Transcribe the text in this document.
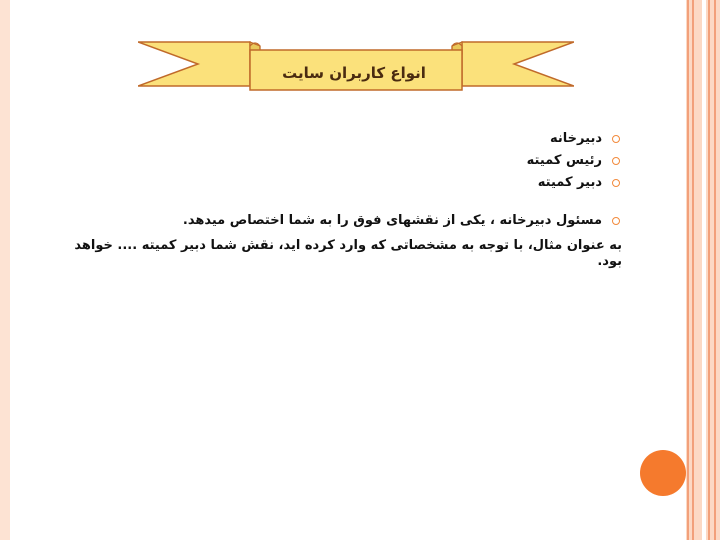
انواع کاربران سایت
دبیرخانه
رئیس کمیته
دبیر کمیته
مسئول دبیرخانه ، یکی از نقشهای فوق را به شما اختصاص میدهد.
به عنوان مثال، با توجه به مشخصاتی که وارد کرده اید، نقش شما دبیر کمیته .... خواهد بود.
